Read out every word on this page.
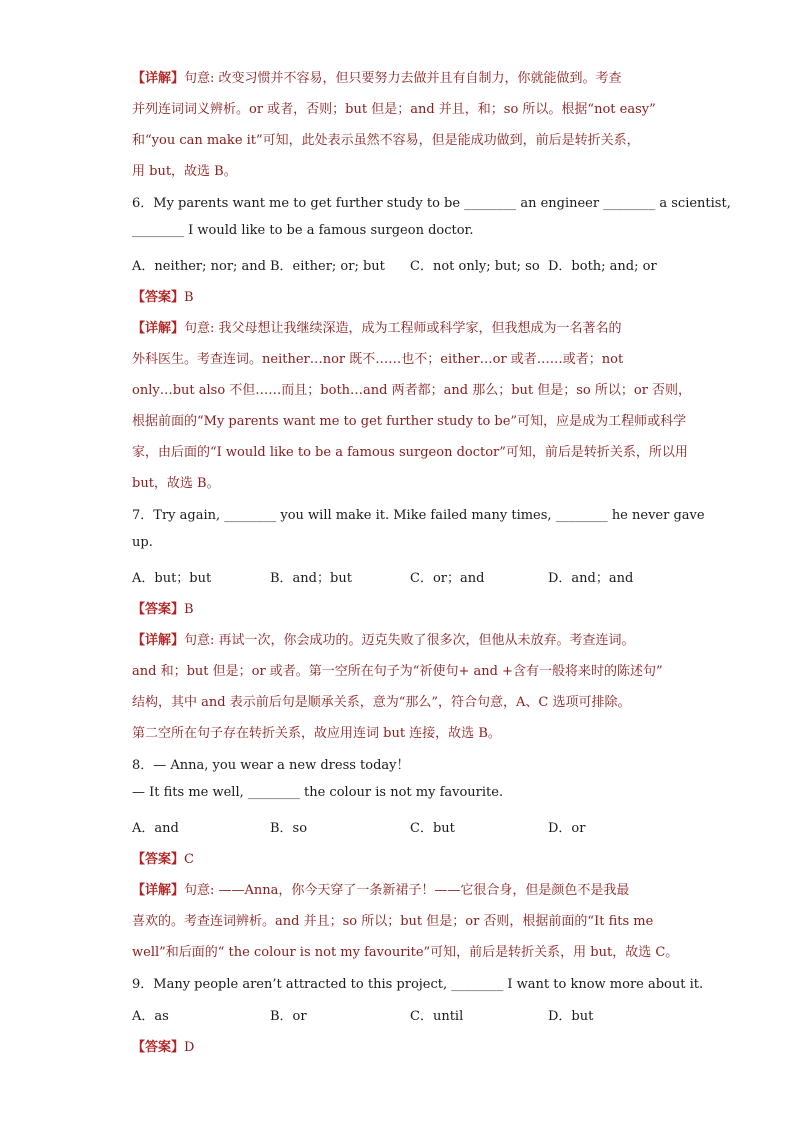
【详解】句意: 改变习惯并不容易，但只要努力去做并且有自制力，你就能做到。考查
并列连词词义辨析。or 或者，否则；but 但是；and 并且，和；so 所以。根据“not easy”
和“you can make it”可知，此处表示虽然不容易，但是能成功做到，前后是转折关系，
用 but，故选 B。
6．My parents want me to get further study to be ________ an engineer ________ a scientist,
________ I would like to be a famous surgeon doctor.
A．neither; nor; and B．either; or; but C．not only; but; so D．both; and; or
【答案】B
【详解】句意: 我父母想让我继续深造，成为工程师或科学家，但我想成为一名著名的
外科医生。考查连词。neither…nor 既不……也不；either…or 或者……或者；not
only…but also 不但……而且；both…and 两者都；and 那么；but 但是；so 所以；or 否则，
根据前面的“My parents want me to get further study to be”可知，应是成为工程师或科学
家，由后面的“I would like to be a famous surgeon doctor”可知，前后是转折关系，所以用
but，故选 B。
7．Try again, ________ you will make it. Mike failed many times, ________ he never gave
up.
A．but；but	B．and；but	C．or；and	D．and；and
【答案】B
【详解】句意: 再试一次，你会成功的。迈克失败了很多次，但他从未放弃。考查连词。
and 和；but 但是；or 或者。第一空所在句子为“祈使句+ and +含有一般将来时的陈述句”
结构，其中 and 表示前后句是顺承关系，意为“那么”，符合句意，A、C 选项可排除。
第二空所在句子存在转折关系，故应用连词 but 连接，故选 B。
8．— Anna, you wear a new dress today！
— It fits me well, ________ the colour is not my favourite.
A．and	B．so	C．but	D．or
【答案】C
【详解】句意: ——Anna，你今天穿了一条新裙子！——它很合身，但是颜色不是我最
喜欢的。考查连词辨析。and 并且；so 所以；but 但是；or 否则，根据前面的“It fits me
well”和后面的“ the colour is not my favourite”可知，前后是转折关系，用 but，故选 C。
9．Many people aren’t attracted to this project, ________ I want to know more about it.
A．as	B．or	C．until	D．but
【答案】D
